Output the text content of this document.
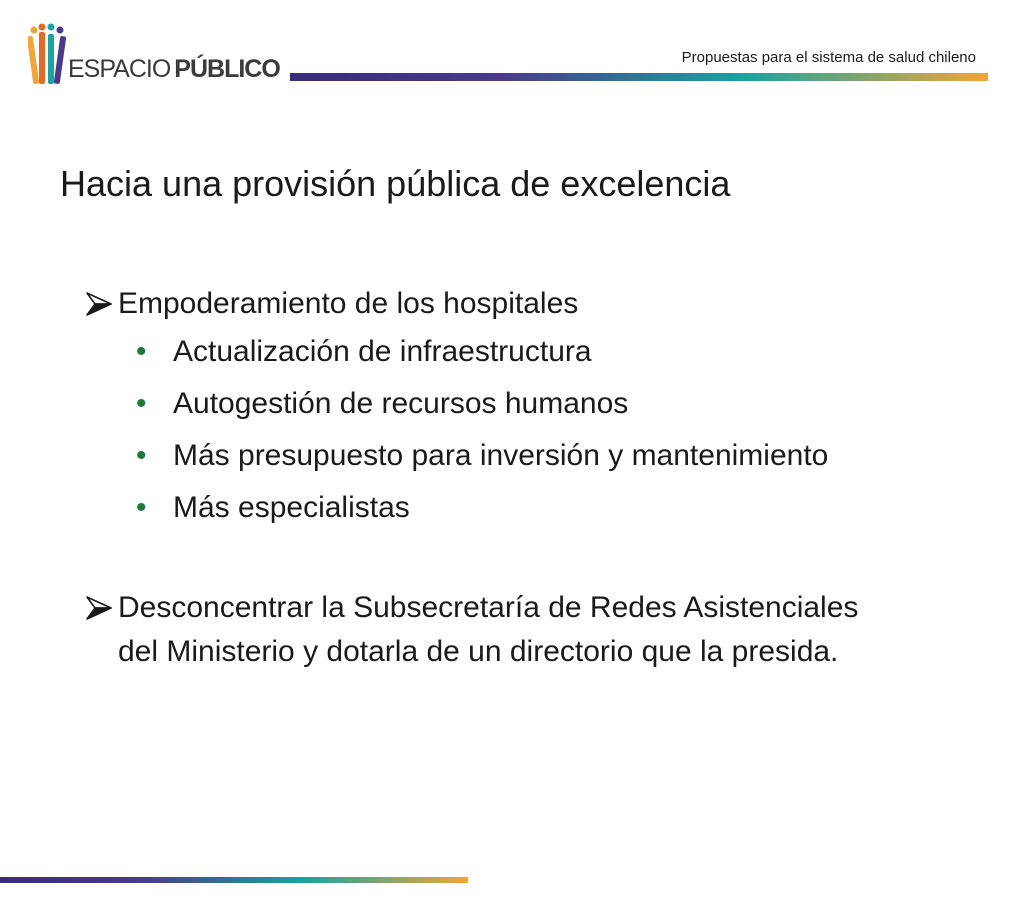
ESPACIO PÚBLICO	Propuestas para el sistema de salud chileno
Hacia una provisión pública de excelencia
Empoderamiento de los hospitales
• Actualización de infraestructura
• Autogestión de recursos humanos
• Más presupuesto para inversión y mantenimiento
• Más especialistas
Desconcentrar la Subsecretaría de Redes Asistenciales
del Ministerio y dotarla de un directorio que la presida.
